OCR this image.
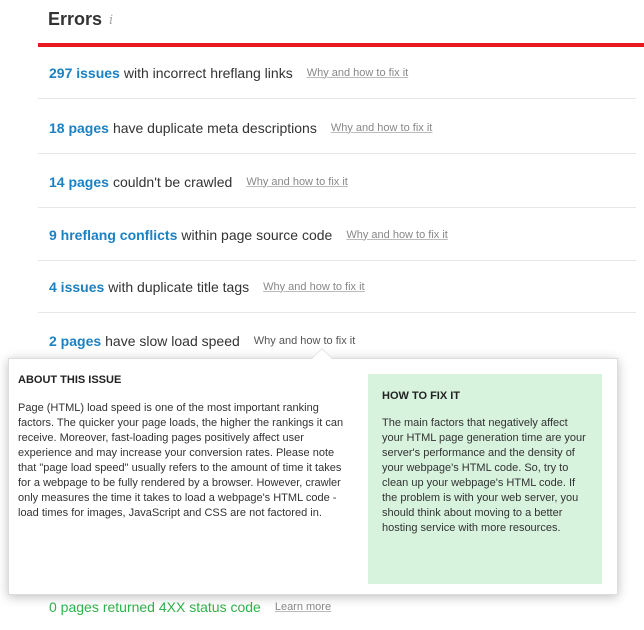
Errors i
297 issues with incorrect hreflang links Why and how to fix it
18 pages have duplicate meta descriptions Why and how to fix it
14 pages couldn't be crawled Why and how to fix it
9 hreflang conflicts within page source code Why and how to fix it
4 issues with duplicate title tags Why and how to fix it
2 pages have slow load speed Why and how to fix it
0 pages returned 4XX status code Learn more
ABOUT THIS ISSUE

Page (HTML) load speed is one of the most important ranking factors. The quicker your page loads, the higher the rankings it can receive. Moreover, fast-loading pages positively affect user experience and may increase your conversion rates. Please note that "page load speed" usually refers to the amount of time it takes for a webpage to be fully rendered by a browser. However, crawler only measures the time it takes to load a webpage's HTML code - load times for images, JavaScript and CSS are not factored in.

HOW TO FIX IT

The main factors that negatively affect your HTML page generation time are your server's performance and the density of your webpage's HTML code. So, try to clean up your webpage's HTML code. If the problem is with your web server, you should think about moving to a better hosting service with more resources.
